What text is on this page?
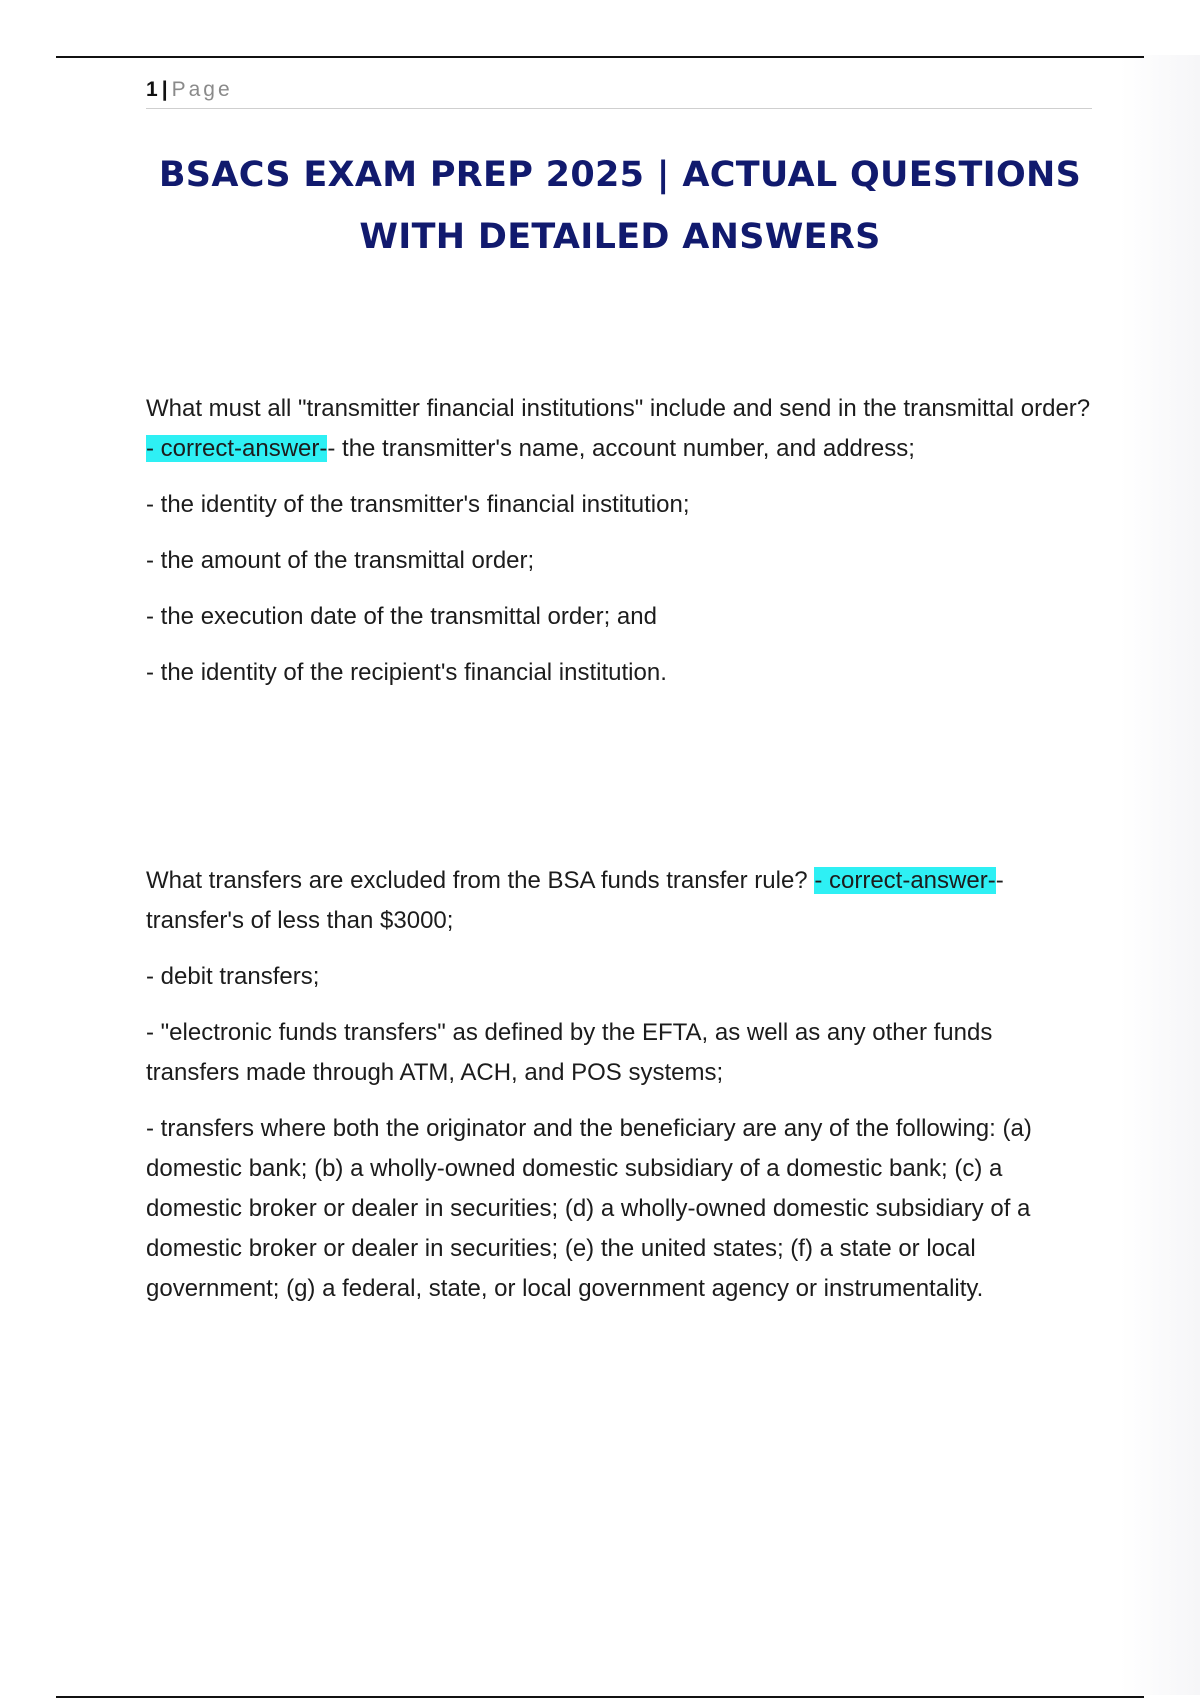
1 | Page
BSACS EXAM PREP 2025 | ACTUAL QUESTIONS WITH DETAILED ANSWERS

What must all "transmitter financial institutions" include and send in the transmittal order? - correct-answer-- the transmitter's name, account number, and address;

- the identity of the transmitter's financial institution;

- the amount of the transmittal order;

- the execution date of the transmittal order; and

- the identity of the recipient's financial institution.

What transfers are excluded from the BSA funds transfer rule? - correct-answer-- transfer's of less than $3000;

- debit transfers;

- "electronic funds transfers" as defined by the EFTA, as well as any other funds transfers made through ATM, ACH, and POS systems;

- transfers where both the originator and the beneficiary are any of the following: (a) domestic bank; (b) a wholly-owned domestic subsidiary of a domestic bank; (c) a domestic broker or dealer in securities; (d) a wholly-owned domestic subsidiary of a domestic broker or dealer in securities; (e) the united states; (f) a state or local government; (g) a federal, state, or local government agency or instrumentality.
